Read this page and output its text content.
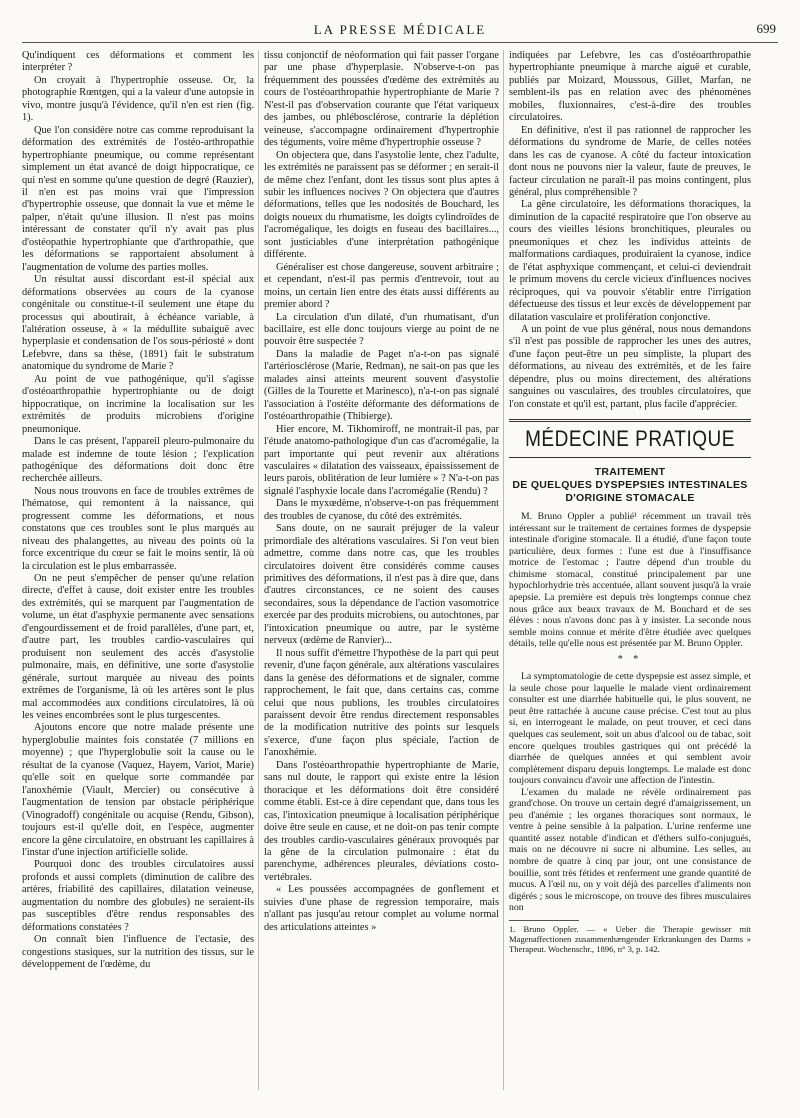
LA PRESSE MÉDICALE	699

Qu'indiquent ces déformations et comment les interpréter ?

On croyait à l'hypertrophie osseuse. Or, la photographie Rœntgen, qui a la valeur d'une autopsie in vivo, montre jusqu'à l'évidence, qu'il n'en est rien (fig. 1).

Que l'on considère notre cas comme reproduisant la déformation des extrémités de l'ostéo-arthropathie hypertrophiante pneumique, ou comme représentant simplement un état avancé de doigt hippocratique, ce qui n'est en somme qu'une question de degré (Rauzier), il n'en est pas moins vrai que l'impression d'hypertrophie osseuse, que donnait la vue et même le palper, n'était qu'une illusion. Il n'est pas moins intéressant de constater qu'il n'y avait pas plus d'ostéopathie hypertrophiante que d'arthropathie, que les déformations se rapportaient absolument à l'augmentation de volume des parties molles.

Un résultat aussi discordant est-il spécial aux déformations observées au cours de la cyanose congénitale ou constitue-t-il seulement une étape du processus qui aboutirait, à échéance variable, à l'altération osseuse, à « la médullite subaiguë avec hyperplasie et condensation de l'os sous-périosté » dont Lefebvre, dans sa thèse, (1891) fait le substratum anatomique du syndrome de Marie ?

Au point de vue pathogénique, qu'il s'agisse d'ostéoarthropathie hypertrophiante ou de doigt hippocratique, on incrimine la localisation sur les extrémités de produits microbiens d'origine pneumonique.

Dans le cas présent, l'appareil pleuro-pulmonaire du malade est indemne de toute lésion ; l'explication pathogénique des déformations doit donc être recherchée ailleurs.

Nous nous trouvons en face de troubles extrêmes de l'hématose, qui remontent à la naissance, qui progressent comme les déformations, et nous constatons que ces troubles sont le plus marqués au niveau des phalangettes, au niveau des points où la force excentrique du cœur se fait le moins sentir, là où la circulation est le plus embarrassée.

On ne peut s'empêcher de penser qu'une relation directe, d'effet à cause, doit exister entre les troubles des extrémités, qui se marquent par l'augmentation de volume, un état d'asphyxie permanente avec sensations d'engourdissement et de froid parallèles, d'une part, et, d'autre part, les troubles cardio-vasculaires qui produisent non seulement des accès d'asystolie pulmonaire, mais, en définitive, une sorte d'asystolie générale, surtout marquée au niveau des points extrêmes de l'organisme, là où les artères sont le plus mal accommodées aux conditions circulatoires, là où les veines encombrées sont le plus turgescentes.

Ajoutons encore que notre malade présente une hyperglobulie maintes fois constatée (7 millions en moyenne) ; que l'hyperglobulie soit la cause ou le résultat de la cyanose (Vaquez, Hayem, Variot, Marie) qu'elle soit en quelque sorte commandée par l'anoxhémie (Viault, Mercier) ou consécutive à l'augmentation de tension par obstacle périphérique (Vinogradoff) congénitale ou acquise (Rendu, Gibson), toujours est-il qu'elle doit, en l'espèce, augmenter encore la gêne circulatoire, en obstruant les capillaires à l'instar d'une injection artificielle solide.

Pourquoi donc des troubles circulatoires aussi profonds et aussi complets (diminution de calibre des artères, friabilité des capillaires, dilatation veineuse, augmentation du nombre des globules) ne seraient-ils pas susceptibles d'être rendus responsables des déformations constatées ?

On connaît bien l'influence de l'ectasie, des congestions stasiques, sur la nutrition des tissus, sur le développement de l'œdème, du

tissu conjonctif de néoformation qui fait passer l'organe par une phase d'hyperplasie. N'observe-t-on pas fréquemment des poussées d'œdème des extrémités au cours de l'ostéoarthropathie hypertrophiante de Marie ? N'est-il pas d'observation courante que l'état variqueux des jambes, ou phlébosclérose, contrarie la déplétion veineuse, s'accompagne ordinairement d'hypertrophie des téguments, voire même d'hypertrophie osseuse ?

On objectera que, dans l'asystolie lente, chez l'adulte, les extrémités ne paraissent pas se déformer ; en serait-il de même chez l'enfant, dont les tissus sont plus aptes à subir les influences nocives ? On objectera que d'autres déformations, telles que les nodosités de Bouchard, les doigts noueux du rhumatisme, les doigts cylindroïdes de l'acromégalique, les doigts en fuseau des bacillaires..., sont justiciables d'une interprétation pathogénique différente.

Généraliser est chose dangereuse, souvent arbitraire ; et cependant, n'est-il pas permis d'entrevoir, tout au moins, un certain lien entre des états aussi différents au premier abord ?

La circulation d'un dilaté, d'un rhumatisant, d'un bacillaire, est elle donc toujours vierge au point de ne pouvoir être suspectée ?

Dans la maladie de Paget n'a-t-on pas signalé l'artériosclérose (Marie, Redman), ne sait-on pas que les malades ainsi atteints meurent souvent d'asystolie (Gilles de la Tourette et Marinesco), n'a-t-on pas signalé l'association à l'ostéite déformante des déformations de l'ostéoarthropathie (Thibierge).

Hier encore, M. Tikhomiroff, ne montrait-il pas, par l'étude anatomo-pathologique d'un cas d'acromégalie, la part importante qui peut revenir aux altérations vasculaires « dilatation des vaisseaux, épaississement de leurs parois, oblitération de leur lumière » ? N'a-t-on pas signalé l'asphyxie locale dans l'acromégalie (Rendu) ?

Dans le myxœdème, n'observe-t-on pas fréquemment des troubles de cyanose, du côté des extrémités.

Sans doute, on ne saurait préjuger de la valeur primordiale des altérations vasculaires. Si l'on veut bien admettre, comme dans notre cas, que les troubles circulatoires doivent être considérés comme causes primitives des déformations, il n'est pas à dire que, dans d'autres circonstances, ce ne soient des causes secondaires, sous la dépendance de l'action vasomotrice exercée par des produits microbiens, ou autochtones, par l'intoxication pneumique ou autre, par le système nerveux (œdème de Ranvier)...

Il nous suffit d'émettre l'hypothèse de la part qui peut revenir, d'une façon générale, aux altérations vasculaires dans la genèse des déformations et de signaler, comme rapprochement, le fait que, dans certains cas, comme celui que nous publions, les troubles circulatoires paraissent devoir être rendus directement responsables de la modification nutritive des points sur lesquels s'exerce, d'une façon plus spéciale, l'action de l'anoxhémie.

Dans l'ostéoarthropathie hypertrophiante de Marie, sans nul doute, le rapport qui existe entre la lésion thoracique et les déformations doit être considéré comme établi. Est-ce à dire cependant que, dans tous les cas, l'intoxication pneumique à localisation périphérique doive être seule en cause, et ne doit-on pas tenir compte des troubles cardio-vasculaires généraux provoqués par la gêne de la circulation pulmonaire : état du parenchyme, adhérences pleurales, déviations costo-vertébrales.

« Les poussées accompagnées de gonflement et suivies d'une phase de regression temporaire, mais n'allant pas jusqu'au retour complet au volume normal des articulations atteintes »

indiquées par Lefebvre, les cas d'ostéoarthropathie hypertrophiante pneumique à marche aiguë et curable, publiés par Moizard, Moussous, Gillet, Marfan, ne semblent-ils pas en relation avec des phénomènes mobiles, fluxionnaires, c'est-à-dire des troubles circulatoires.

En définitive, n'est il pas rationnel de rapprocher les déformations du syndrome de Marie, de celles notées dans les cas de cyanose. A côté du facteur intoxication dont nous ne pouvons nier la valeur, faute de preuves, le facteur circulation ne paraît-il pas moins contingent, plus général, plus compréhensible ?

La gêne circulatoire, les déformations thoraciques, la diminution de la capacité respiratoire que l'on observe au cours des vieilles lésions bronchitiques, pleurales ou pneumoniques et chez les individus atteints de malformations cardiaques, produiraient la cyanose, indice de l'état asphyxique commençant, et celui-ci deviendrait le primum movens du cercle vicieux d'influences nocives réciproques, qui va pouvoir s'établir entre l'irrigation défectueuse des tissus et leur excès de développement par dilatation vasculaire et prolifération conjonctive.

A un point de vue plus général, nous nous demandons s'il n'est pas possible de rapprocher les unes des autres, d'une façon peut-être un peu simpliste, la plupart des déformations, au niveau des extrémités, et de les faire dépendre, plus ou moins directement, des altérations sanguines ou vasculaires, des troubles circulatoires, que l'on constate et qu'il est, partant, plus facile d'apprécier.

MÉDECINE PRATIQUE
TRAITEMENT
DE QUELQUES DYSPEPSIES INTESTINALES
D'ORIGINE STOMACALE

M. Bruno Oppler a publié¹ récemment un travail très intéressant sur le traitement de certaines formes de dyspepsie intestinale d'origine stomacale. Il a étudié, d'une façon toute particulière, deux formes : l'une est due à l'insuffisance motrice de l'estomac ; l'autre dépend d'un trouble du chimisme stomacal, constitué principalement par une hypochlorhydrie très accentuée, allant souvent jusqu'à la vraie apepsie. La première est depuis très longtemps connue chez nous grâce aux beaux travaux de M. Bouchard et de ses élèves : nous n'avons donc pas à y insister. La seconde nous semble moins connue et mérite d'être étudiée avec quelques détails, telle qu'elle nous est présentée par M. Bruno Oppler.

* *

La symptomatologie de cette dyspepsie est assez simple, et la seule chose pour laquelle le malade vient ordinairement consulter est une diarrhée habituelle qui, le plus souvent, ne peut être rattachée à aucune cause précise. C'est tout au plus si, en interrogeant le malade, on peut trouver, et ceci dans quelques cas seulement, soit un abus d'alcool ou de tabac, soit encore quelques troubles gastriques qui ont précédé la diarrhée de quelques années et qui semblent avoir complètement disparu depuis longtemps. Le malade est donc toujours convaincu d'avoir une affection de l'intestin.

L'examen du malade ne révèle ordinairement pas grand'chose. On trouve un certain degré d'amaigrissement, un peu d'anémie ; les organes thoraciques sont normaux, le ventre à peine sensible à la palpation. L'urine renferme une quantité assez notable d'indican et d'éthers sulfo-conjugués, mais on ne découvre ni sucre ni albumine. Les selles, au nombre de quatre à cinq par jour, ont une consistance de bouillie, sont très fétides et renferment une grande quantité de mucus. A l'œil nu, on y voit déjà des parcelles d'aliments non digérés ; sous le microscope, on trouve des fibres musculaires non

1. Bruno Oppler. — « Ueber die Therapie gewisser mit Magenaffectionen zusammenhængender Erkrankungen des Darms » Therapeut. Wochenschr., 1896, n° 3, p. 142.
